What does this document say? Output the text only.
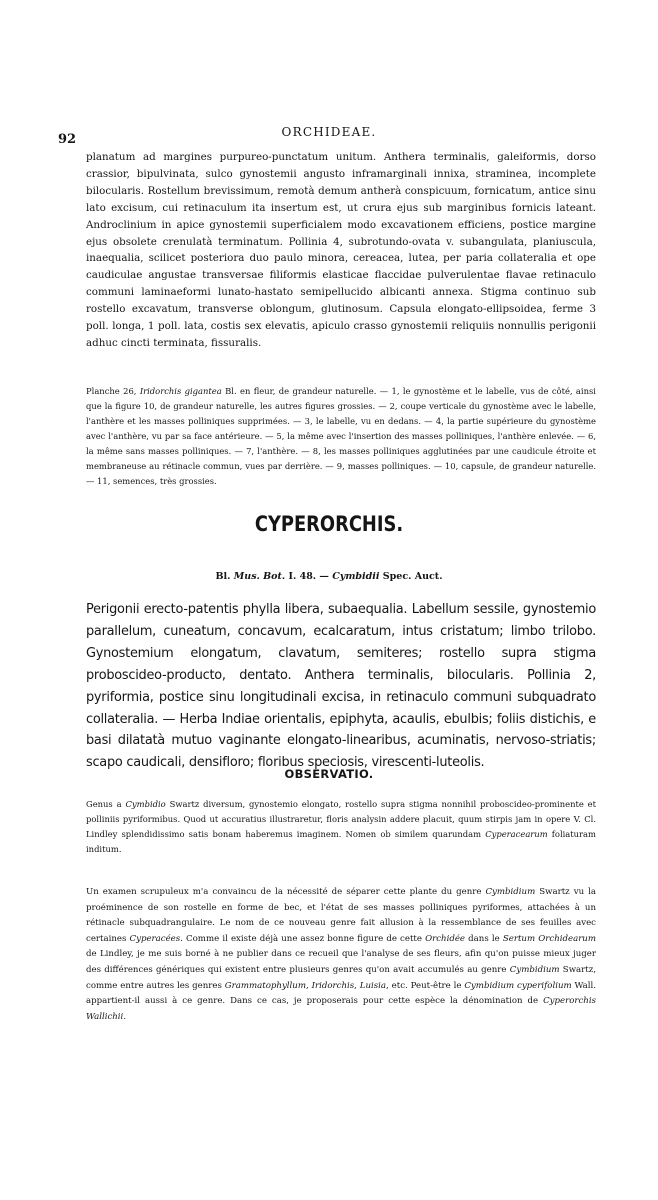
92	ORCHIDEAE.

planatum ad margines purpureo-punctatum unitum. Anthera terminalis, galeiformis, dorso crassior, bipulvinata, sulco gynostemii angusto inframarginali innixa, straminea, incomplete bilocularis. Rostellum brevissimum, remotà demum antherà conspicuum, fornicatum, antice sinu lato excisum, cui retinaculum ita insertum est, ut crura ejus sub marginibus fornicis lateant. Androclinium in apice gynostemii superficialem modo excavationem efficiens, postice margine ejus obsolete crenulatà terminatum. Pollinia 4, subrotundo-ovata v. subangulata, planiuscula, inaequalia, scilicet posteriora duo paulo minora, cereacea, lutea, per paria collateralia et ope caudiculae angustae transversae filiformis elasticae flaccidae pulverulentae flavae retinaculo communi laminaeformi lunato-hastato semipellucido albicanti annexa. Stigma continuo sub rostello excavatum, transverse oblongum, glutinosum. Capsula elongato-ellipsoidea, ferme 3 poll. longa, 1 poll. lata, costis sex elevatis, apiculo crasso gynostemii reliquiis nonnullis perigonii adhuc cincti terminata, fissuralis.

Planche 26, Iridorchis gigantea Bl. en fleur, de grandeur naturelle. — 1, le gynostème et le labelle, vus de côté, ainsi que la figure 10, de grandeur naturelle, les autres figures grossies. — 2, coupe verticale du gynostème avec le labelle, l'anthère et les masses polliniques supprimées. — 3, le labelle, vu en dedans. — 4, la partie supérieure du gynostème avec l'anthère, vu par sa face antérieure. — 5, la même avec l'insertion des masses polliniques, l'anthère enlevée. — 6, la même sans masses polliniques. — 7, l'anthère. — 8, les masses polliniques agglutinées par une caudicule étroite et membraneuse au rétinacle commun, vues par derrière. — 9, masses polliniques. — 10, capsule, de grandeur naturelle. — 11, semences, très grossies.

CYPERORCHIS.
Bl. Mus. Bot. I. 48. — Cymbidii Spec. Auct.

Perigonii erecto-patentis phylla libera, subaequalia. Labellum sessile, gynostemio parallelum, cuneatum, concavum, ecalcaratum, intus cristatum; limbo trilobo. Gynostemium elongatum, clavatum, semiteres; rostello supra stigma proboscideo-producto, dentato. Anthera terminalis, bilocularis. Pollinia 2, pyriformia, postice sinu longitudinali excisa, in retinaculo communi subquadrato collateralia. — Herba Indiae orientalis, epiphyta, acaulis, ebulbis; foliis distichis, e basi dilatatà mutuo vaginante elongato-linearibus, acuminatis, nervoso-striatis; scapo caudicali, densifloro; floribus speciosis, virescenti-luteolis.

OBSERVATIO.

Genus a Cymbidio Swartz diversum, gynostemio elongato, rostello supra stigma nonnihil proboscideo-prominente et polliniis pyriformibus. Quod ut accuratius illustraretur, floris analysin addere placuit, quum stirpis jam in opere V. Cl. Lindley splendidissimo satis bonam haberemus imaginem. Nomen ob similem quarundam Cyperacearum foliaturam inditum.

Un examen scrupuleux m'a convaincu de la nécessité de séparer cette plante du genre Cymbidium Swartz vu la proéminence de son rostelle en forme de bec, et l'état de ses masses polliniques pyriformes, attachées à un rétinacle subquadrangulaire. Le nom de ce nouveau genre fait allusion à la ressemblance de ses feuilles avec certaines Cyperacées. Comme il existe déjà une assez bonne figure de cette Orchidée dans le Sertum Orchidearum de Lindley, je me suis borné à ne publier dans ce recueil que l'analyse de ses fleurs, afin qu'on puisse mieux juger des différences génériques qui existent entre plusieurs genres qu'on avait accumulés au genre Cymbidium Swartz, comme entre autres les genres Grammatophyllum, Iridorchis, Luisia, etc. Peut-être le Cymbidium cyperifolium Wall. appartient-il aussi à ce genre. Dans ce cas, je proposerais pour cette espèce la dénomination de Cyperorchis Wallichii.
